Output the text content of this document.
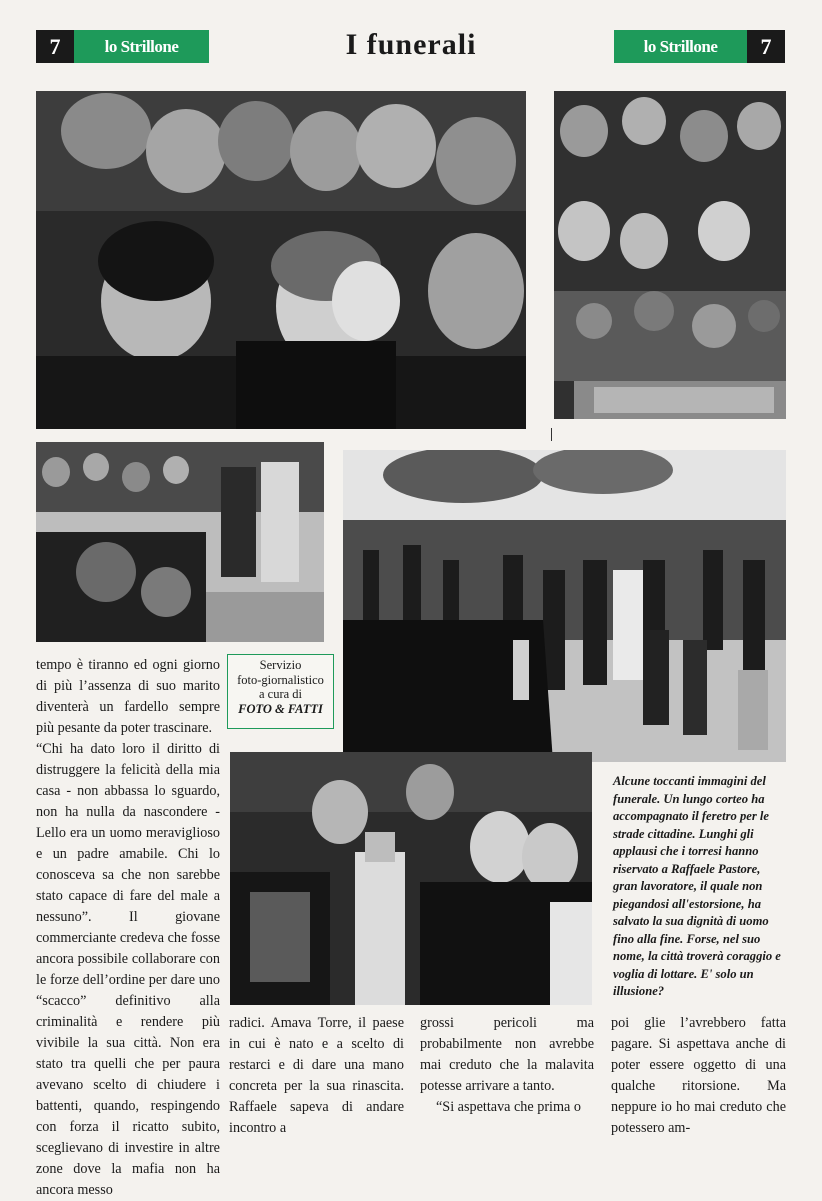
7	lo Strillone	I funerali	lo Strillone	7
Servizio
foto-giornalistico
a cura di
FOTO & FATTI

tempo è tiranno ed ogni giorno di più l’assenza di suo marito diventerà un fardello sempre più pesante da poter trascinare.

“Chi ha dato loro il diritto di distruggere la felicità della mia casa - non abbassa lo sguardo, non ha nulla da nascondere - Lello era un uomo meraviglioso e un padre amabile. Chi lo conosceva sa che non sarebbe stato capace di fare del male a nessuno”. Il giovane commerciante credeva che fosse ancora possibile collaborare con le forze dell’ordine per dare uno “scacco” definitivo alla criminalità e rendere più vivibile la sua città. Non era stato tra quelli che per paura avevano scelto di chiudere i battenti, quando, respingendo con forza il ricatto subito, sceglievano di investire in altre zone dove la mafia non ha ancora messo

radici. Amava Torre, il paese in cui è nato e a scelto di restarci e di dare una mano concreta per la sua rinascita. Raffaele sapeva di andare incontro a

grossi pericoli ma probabilmente non avrebbe mai creduto che la malavita potesse arrivare a tanto.

“Si aspettava che prima o

poi glie l’avrebbero fatta pagare. Si aspettava anche di poter essere oggetto di una qualche ritorsione. Ma neppure io ho mai creduto che potessero am-

Alcune toccanti immagini del funerale. Un lungo corteo ha accompagnato il feretro per le strade cittadine. Lunghi gli applausi che i torresi hanno riservato a Raffaele Pastore, gran lavoratore, il quale non piegandosi all'estorsione, ha salvato la sua dignità di uomo fino alla fine. Forse, nel suo nome, la città troverà coraggio e voglia di lottare. E' solo un illusione?
